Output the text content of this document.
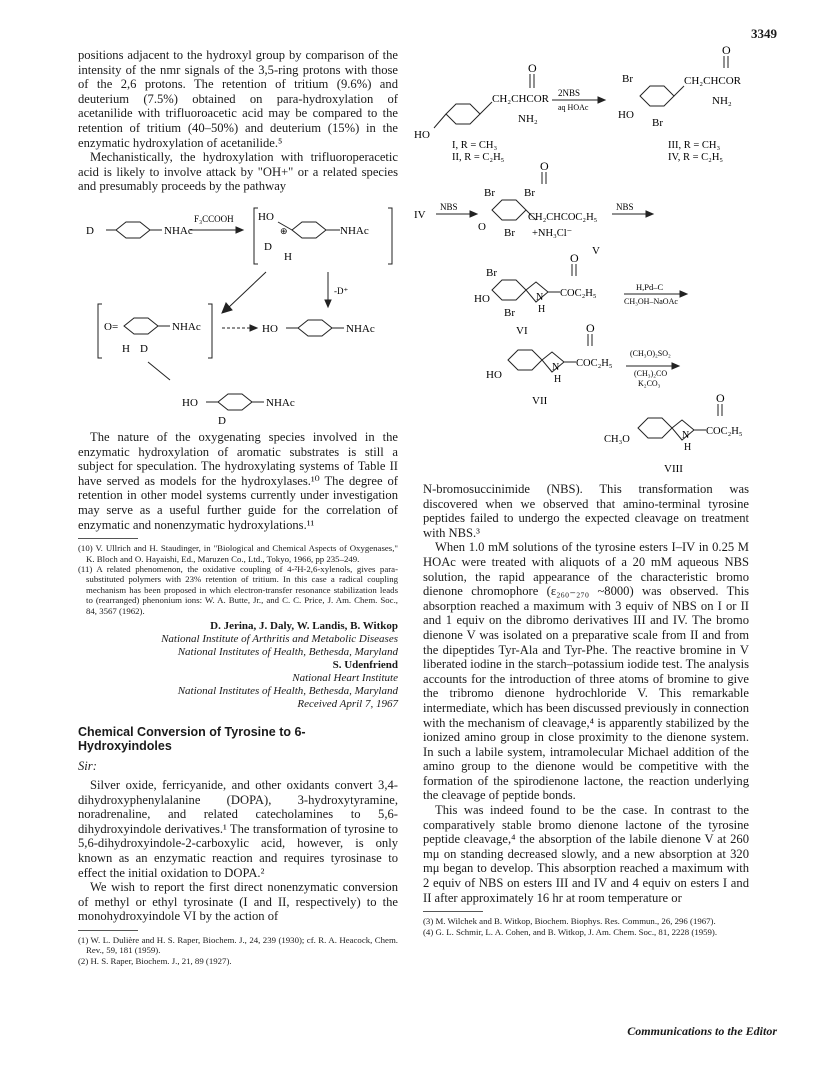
3349

positions adjacent to the hydroxyl group by comparison of the intensity of the nmr signals of the 3,5-ring protons with those of the 2,6 protons. The retention of tritium (9.6%) and deuterium (7.5%) obtained on para-hydroxylation of acetanilide with trifluoroacetic acid may be compared to the retention of tritium (40–50%) and deuterium (15%) in the enzymatic hydroxylation of acetanilide.⁵

Mechanistically, the hydroxylation with trifluoroperacetic acid is likely to involve attack by "OH+" or a related species and presumably proceeds by the pathway

D	NHAc
F₃CCOOH HO
D
⊕
H
NHAc
-D⁺
O=	NHAc
H D
HO	NHAc
HO	NHAc
D

The nature of the oxygenating species involved in the enzymatic hydroxylation of aromatic substrates is still a subject for speculation. The hydroxylating systems of Table II have served as models for the hydroxylases.¹⁰ The degree of retention in other model systems currently under investigation may serve as a useful further guide for the correlation of enzymatic and nonenzymatic hydroxylations.¹¹

(10) V. Ullrich and H. Staudinger, in "Biological and Chemical Aspects of Oxygenases," K. Bloch and O. Hayaishi, Ed., Maruzen Co., Ltd., Tokyo, 1966, pp 235–249.

(11) A related phenomenon, the oxidative coupling of 4-²H-2,6-xylenols, gives para-substituted polymers with 23% retention of tritium. In this case a radical coupling mechanism has been proposed in which electron-transfer resonance stabilization leads to (rearranged) phenonium ions: W. A. Butte, Jr., and C. C. Price, J. Am. Chem. Soc., 84, 3567 (1962).

D. Jerina, J. Daly, W. Landis, B. Witkop

National Institute of Arthritis and Metabolic Diseases

National Institutes of Health, Bethesda, Maryland

S. Udenfriend

National Heart Institute

National Institutes of Health, Bethesda, Maryland

Received April 7, 1967

Chemical Conversion of Tyrosine to 6-Hydroxyindoles

Sir:

Silver oxide, ferricyanide, and other oxidants convert 3,4-dihydroxyphenylalanine (DOPA), 3-hydroxytyramine, noradrenaline, and related catecholamines to 5,6-dihydroxyindole derivatives.¹ The transformation of tyrosine to 5,6-dihydroxyindole-2-carboxylic acid, however, is only known as an enzymatic reaction and requires tyrosinase to effect the initial oxidation to DOPA.²

We wish to report the first direct nonenzymatic conversion of methyl or ethyl tyrosinate (I and II, respectively) to the monohydroxyindole VI by the action of

(1) W. L. Dulière and H. S. Raper, Biochem. J., 24, 239 (1930); cf. R. A. Heacock, Chem. Rev., 59, 181 (1959).

(2) H. S. Raper, Biochem. J., 21, 89 (1927).

O
CH₂CHCOR
NH₂
HO
2NBS
aq HOAc
I, R = CH₃
II, R = C₂H₅
O
Br	CH₂CHCOR
NH₂
HO
Br
III, R = CH₃
IV, R = C₂H₅
IV
NBS
Br	Br
O
O
CH₂CHCOC₂H₅
+NH₃Cl⁻
Br
NBS
V
O
Br
HO
Br
N
H
COC₂H₅
H,Pd–C
CH₃OH–NaOAc
VI	O
HO
N
H
COC₂H₅
(CH₃O)₂SO₂
(CH₃)₂CO
K₂CO₃
VII	O
CH₃O	N
H
COC₂H₅
VIII

N-bromosuccinimide (NBS). This transformation was discovered when we observed that amino-terminal tyrosine peptides failed to undergo the expected cleavage on treatment with NBS.³

When 1.0 mM solutions of the tyrosine esters I–IV in 0.25 M HOAc were treated with aliquots of a 20 mM aqueous NBS solution, the rapid appearance of the characteristic bromo dienone chromophore (ε₂₆₀₋₂₇₀ ~8000) was observed. This absorption reached a maximum with 3 equiv of NBS on I or II and 1 equiv on the dibromo derivatives III and IV. The bromo dienone V was isolated on a preparative scale from II and from the dipeptides Tyr-Ala and Tyr-Phe. The reactive bromine in V liberated iodine in the starch–potassium iodide test. The analysis accounts for the introduction of three atoms of bromine to give the tribromo dienone hydrochloride V. This remarkable intermediate, which has been discussed previously in connection with the mechanism of cleavage,⁴ is apparently stabilized by the ionized amino group in close proximity to the dienone system. In such a labile system, intramolecular Michael addition of the amino group to the dienone would be competitive with the formation of the spirodienone lactone, the reaction underlying the cleavage of peptide bonds.

This was indeed found to be the case. In contrast to the comparatively stable bromo dienone lactone of the tyrosine peptide cleavage,⁴ the absorption of the labile dienone V at 260 mμ on standing decreased slowly, and a new absorption at 320 mμ began to develop. This absorption reached a maximum with 2 equiv of NBS on esters III and IV and 4 equiv on esters I and II after approximately 16 hr at room temperature or

(3) M. Wilchek and B. Witkop, Biochem. Biophys. Res. Commun., 26, 296 (1967).

(4) G. L. Schmir, L. A. Cohen, and B. Witkop, J. Am. Chem. Soc., 81, 2228 (1959).

Communications to the Editor
